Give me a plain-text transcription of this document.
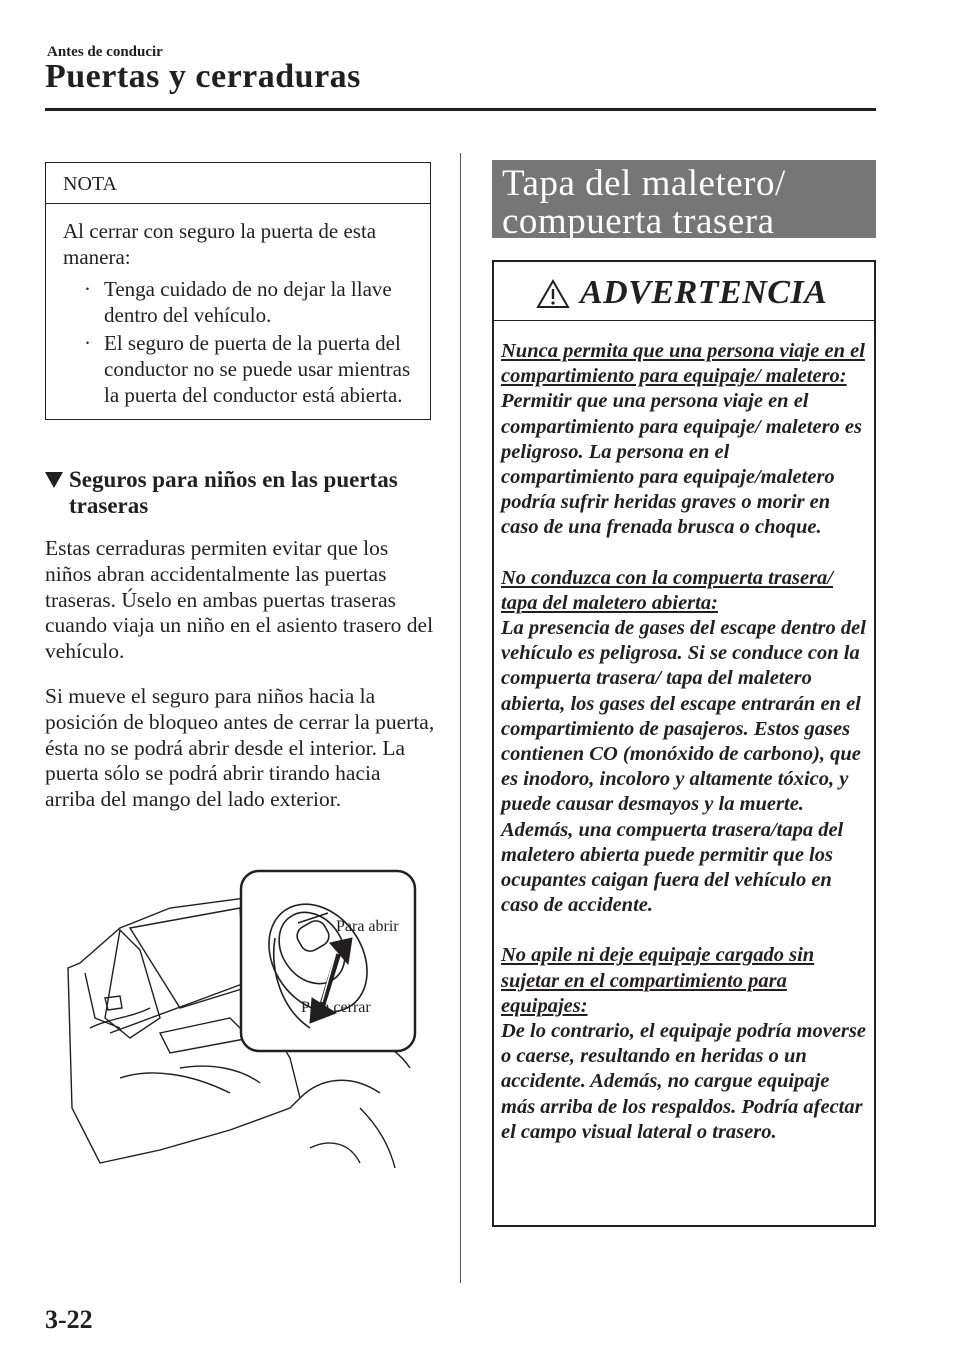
Antes de conducir
Puertas y cerraduras
NOTA

Al cerrar con seguro la puerta de esta manera:

· Tenga cuidado de no dejar la llave dentro del vehículo.
· El seguro de puerta de la puerta del conductor no se puede usar mientras la puerta del conductor está abierta.
Seguros para niños en las puertas traseras

Estas cerraduras permiten evitar que los niños abran accidentalmente las puertas traseras. Úselo en ambas puertas traseras cuando viaja un niño en el asiento trasero del vehículo.

Si mueve el seguro para niños hacia la posición de bloqueo antes de cerrar la puerta, ésta no se podrá abrir desde el interior. La puerta sólo se podrá abrir tirando hacia arriba del mango del lado exterior.

Para abrir
Para cerrar
Tapa del maletero/
compuerta trasera
ADVERTENCIA

Nunca permita que una persona viaje en el compartimiento para equipaje/ maletero:

Permitir que una persona viaje en el compartimiento para equipaje/ maletero es peligroso. La persona en el compartimiento para equipaje/maletero podría sufrir heridas graves o morir en caso de una frenada brusca o choque.

No conduzca con la compuerta trasera/ tapa del maletero abierta:

La presencia de gases del escape dentro del vehículo es peligrosa. Si se conduce con la compuerta trasera/ tapa del maletero abierta, los gases del escape entrarán en el compartimiento de pasajeros. Estos gases contienen CO (monóxido de carbono), que es inodoro, incoloro y altamente tóxico, y puede causar desmayos y la muerte. Además, una compuerta trasera/tapa del maletero abierta puede permitir que los ocupantes caigan fuera del vehículo en caso de accidente.

No apile ni deje equipaje cargado sin sujetar en el compartimiento para equipajes:

De lo contrario, el equipaje podría moverse o caerse, resultando en heridas o un accidente. Además, no cargue equipaje más arriba de los respaldos. Podría afectar el campo visual lateral o trasero.

3-22
